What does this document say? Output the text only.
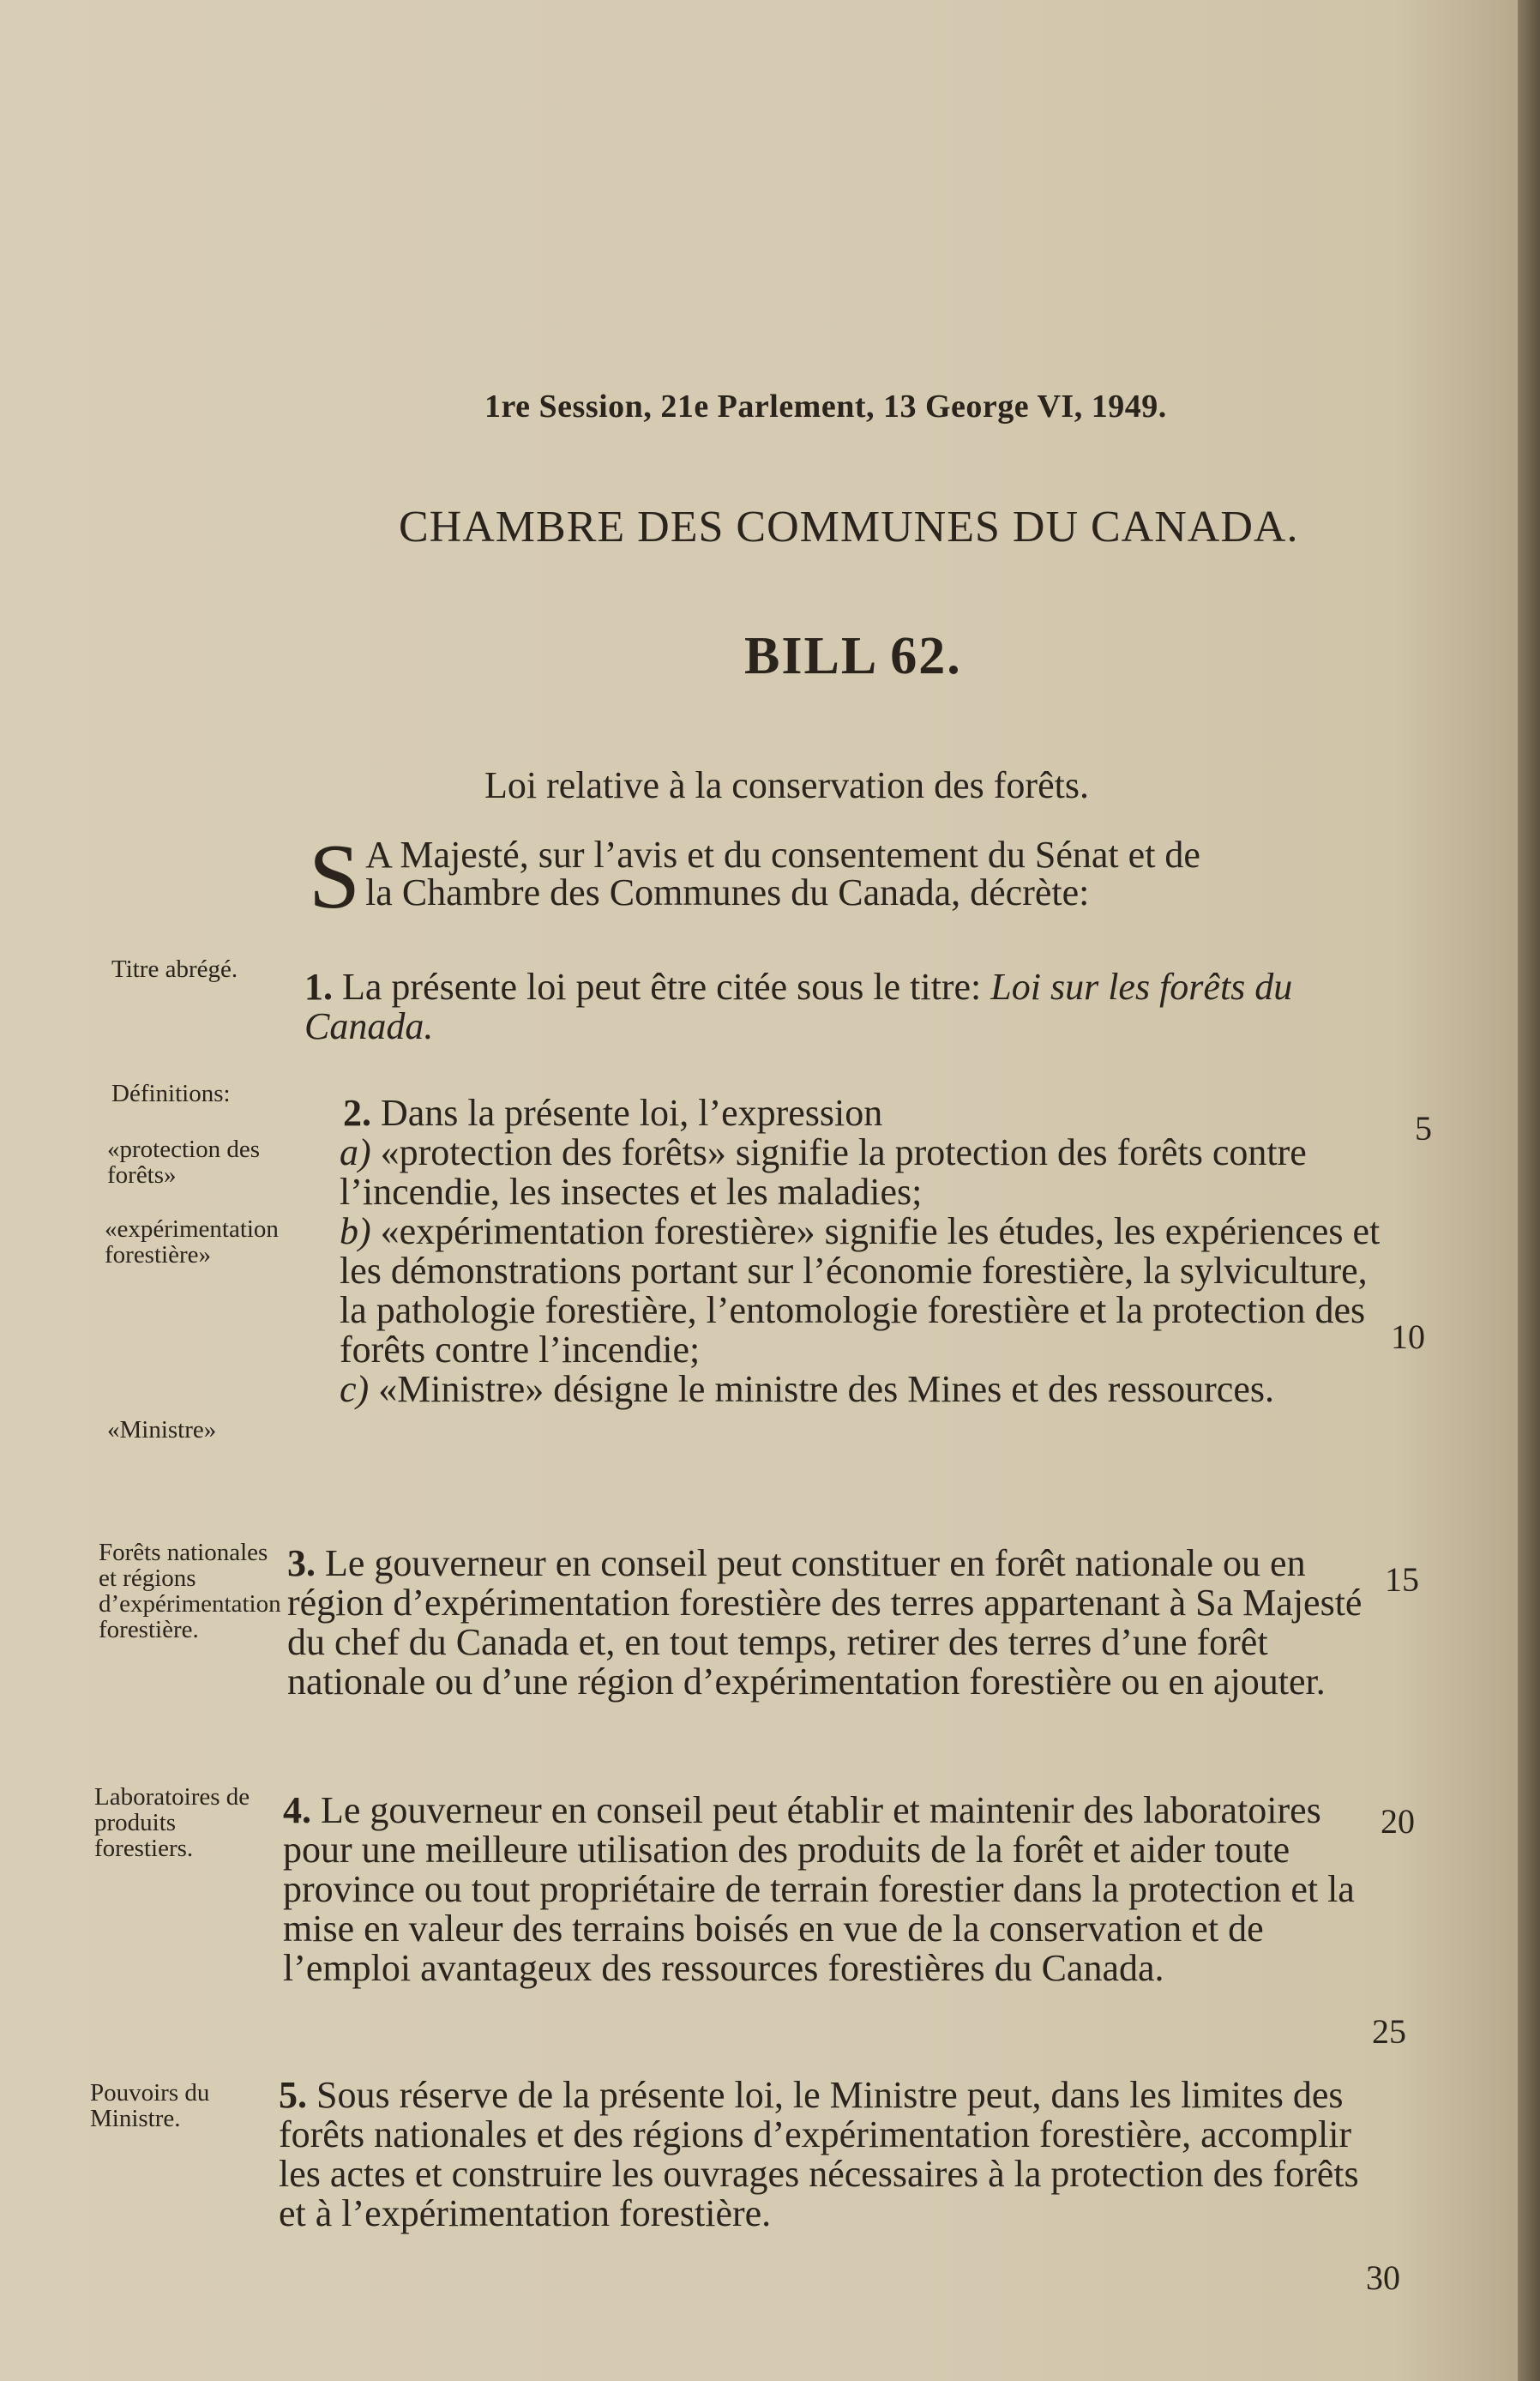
1re Session, 21e Parlement, 13 George VI, 1949.
CHAMBRE DES COMMUNES DU CANADA.
BILL 62.
Loi relative à la conservation des forêts.
S A Majesté, sur l’avis et du consentement du Sénat et de
la Chambre des Communes du Canada, décrète:
Titre abrégé.
Définitions:
«protection des forêts»
«expérimentation forestière»
«Ministre»
Forêts nationales et régions d’expérimentation forestière.
Laboratoires de produits forestiers.
Pouvoirs du Ministre.
1. La présente loi peut être citée sous le titre: Loi sur les forêts du Canada.
2. Dans la présente loi, l’expression
a) «protection des forêts» signifie la protection des forêts contre l’incendie, les insectes et les maladies;
b) «expérimentation forestière» signifie les études, les expériences et les démonstrations portant sur l’économie forestière, la sylviculture, la pathologie forestière, l’entomologie forestière et la protection des forêts contre l’incendie;
c) «Ministre» désigne le ministre des Mines et des ressources.
3. Le gouverneur en conseil peut constituer en forêt nationale ou en région d’expérimentation forestière des terres appartenant à Sa Majesté du chef du Canada et, en tout temps, retirer des terres d’une forêt nationale ou d’une région d’expérimentation forestière ou en ajouter.
4. Le gouverneur en conseil peut établir et maintenir des laboratoires pour une meilleure utilisation des produits de la forêt et aider toute province ou tout propriétaire de terrain forestier dans la protection et la mise en valeur des terrains boisés en vue de la conservation et de l’emploi avantageux des ressources forestières du Canada.
5. Sous réserve de la présente loi, le Ministre peut, dans les limites des forêts nationales et des régions d’expérimentation forestière, accomplir les actes et construire les ouvrages nécessaires à la protection des forêts et à l’expérimentation forestière.
5
10
15
20
25
30
